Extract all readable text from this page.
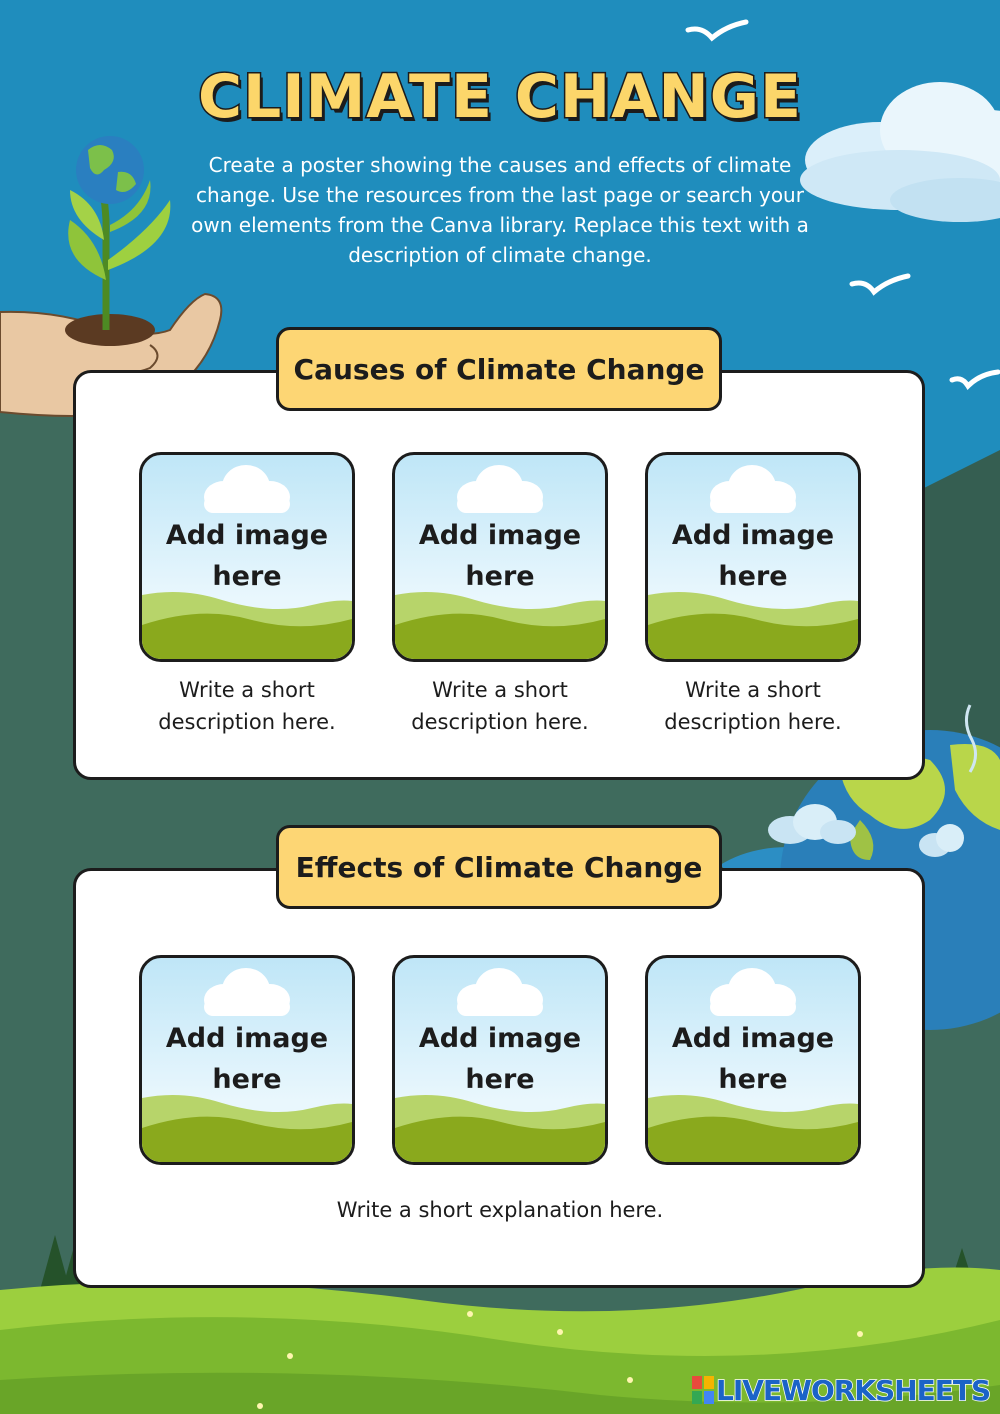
CLIMATE CHANGE
Create a poster showing the causes and effects of climate change. Use the resources from the last page or search your own elements from the Canva library. Replace this text with a description of climate change.
Causes of Climate Change
Add image
here
Add image
here
Add image
here
Write a short
description here.
Write a short
description here.
Write a short
description here.
Effects of Climate Change
Add image
here
Add image
here
Add image
here
Write a short explanation here.
LIVEWORKSHEETS
